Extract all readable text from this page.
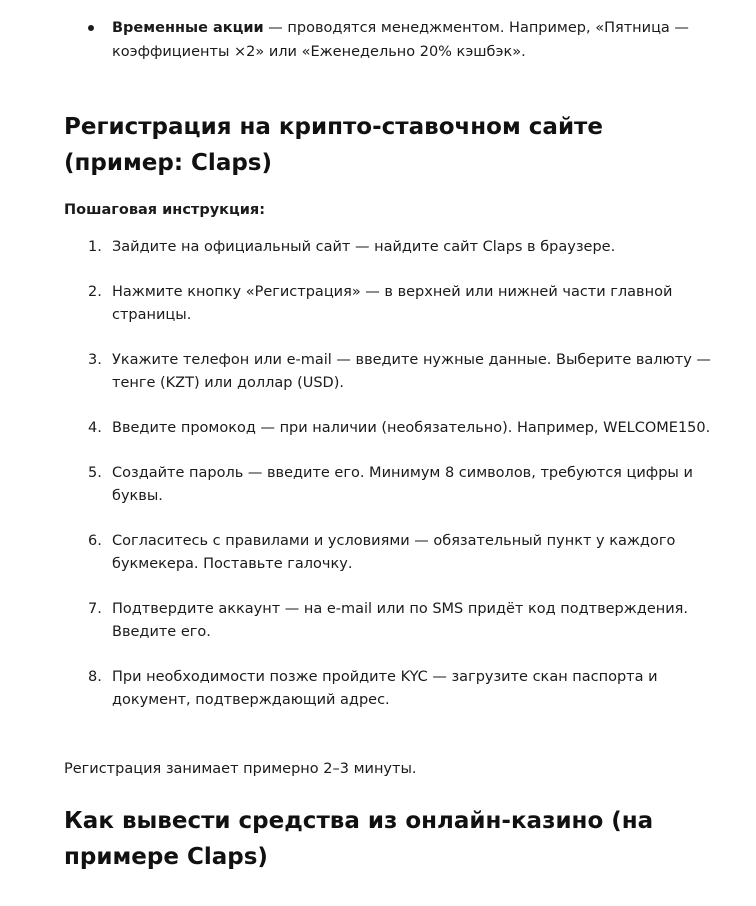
Временные акции — проводятся менеджментом. Например, «Пятница — коэффициенты ×2» или «Еженедельно 20% кэшбэк».
Регистрация на крипто-ставочном сайте (пример: Claps)

Пошаговая инструкция:

1. Зайдите на официальный сайт — найдите сайт Claps в браузере.
2. Нажмите кнопку «Регистрация» — в верхней или нижней части главной страницы.
3. Укажите телефон или e-mail — введите нужные данные. Выберите валюту — тенге (KZT) или доллар (USD).
4. Введите промокод — при наличии (необязательно). Например, WELCOME150.
5. Создайте пароль — введите его. Минимум 8 символов, требуются цифры и буквы.
6. Согласитесь с правилами и условиями — обязательный пункт у каждого букмекера. Поставьте галочку.
7. Подтвердите аккаунт — на e-mail или по SMS придёт код подтверждения. Введите его.
8. При необходимости позже пройдите KYC — загрузите скан паспорта и документ, подтверждающий адрес.

Регистрация занимает примерно 2–3 минуты.

Как вывести средства из онлайн-казино (на примере Claps)
